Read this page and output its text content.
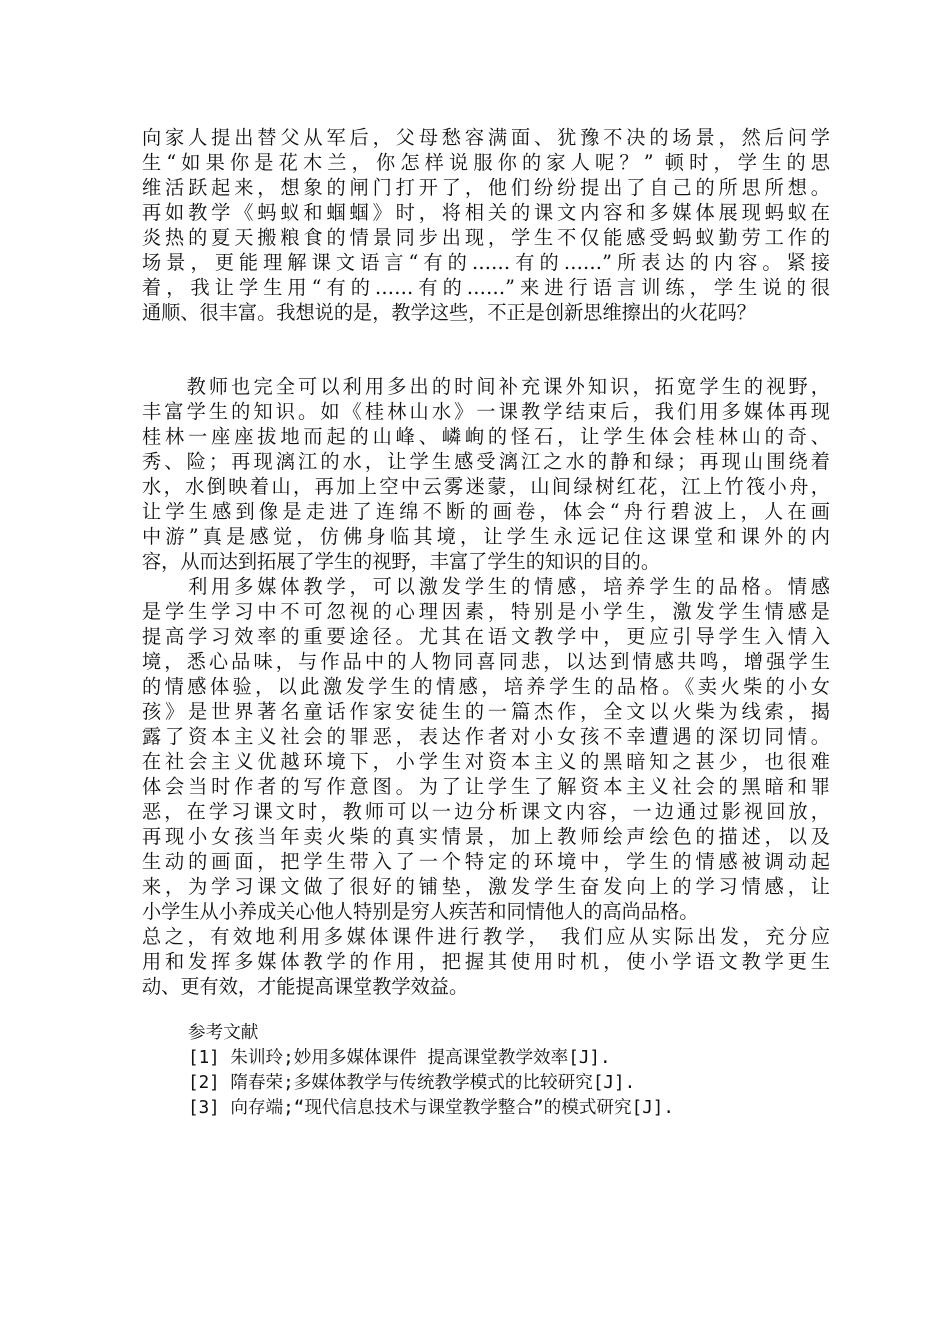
向家人提出替父从军后，父母愁容满面、犹豫不决的场景，然后问学
生“如果你是花木兰，你怎样说服你的家人呢？” 顿时，学生的思
维活跃起来，想象的闸门打开了，他们纷纷提出了自己的所思所想。
再如教学《蚂蚁和蝈蝈》时，将相关的课文内容和多媒体展现蚂蚁在
炎热的夏天搬粮食的情景同步出现，学生不仅能感受蚂蚁勤劳工作的
场景，更能理解课文语言“有的……有的……”所表达的内容。紧接
着，我让学生用“有的……有的……”来进行语言训练，学生说的很
通顺、很丰富。我想说的是，教学这些，不正是创新思维擦出的火花吗？
　　教师也完全可以利用多出的时间补充课外知识，拓宽学生的视野，
丰富学生的知识。如《桂林山水》一课教学结束后，我们用多媒体再现
桂林一座座拔地而起的山峰、嶙峋的怪石，让学生体会桂林山的奇、
秀、险；再现漓江的水，让学生感受漓江之水的静和绿；再现山围绕着
水，水倒映着山，再加上空中云雾迷蒙，山间绿树红花，江上竹筏小舟，
让学生感到像是走进了连绵不断的画卷，体会“舟行碧波上，人在画
中游”真是感觉，仿佛身临其境，让学生永远记住这课堂和课外的内
容，从而达到拓展了学生的视野，丰富了学生的知识的目的。
　　利用多媒体教学，可以激发学生的情感，培养学生的品格。情感
是学生学习中不可忽视的心理因素，特别是小学生，激发学生情感是
提高学习效率的重要途径。尤其在语文教学中，更应引导学生入情入
境，悉心品味，与作品中的人物同喜同悲，以达到情感共鸣，增强学生
的情感体验，以此激发学生的情感，培养学生的品格。《卖火柴的小女
孩》是世界著名童话作家安徒生的一篇杰作，全文以火柴为线索，揭
露了资本主义社会的罪恶，表达作者对小女孩不幸遭遇的深切同情。
在社会主义优越环境下，小学生对资本主义的黑暗知之甚少，也很难
体会当时作者的写作意图。为了让学生了解资本主义社会的黑暗和罪
恶，在学习课文时，教师可以一边分析课文内容，一边通过影视回放，
再现小女孩当年卖火柴的真实情景，加上教师绘声绘色的描述，以及
生动的画面，把学生带入了一个特定的环境中，学生的情感被调动起
来，为学习课文做了很好的铺垫，激发学生奋发向上的学习情感，让
小学生从小养成关心他人特别是穷人疾苦和同情他人的高尚品格。
总之，有效地利用多媒体课件进行教学， 我们应从实际出发，充分应
用和发挥多媒体教学的作用，把握其使用时机，使小学语文教学更生
动、更有效，才能提高课堂教学效益。
参考文献
[1] 朱训玲;妙用多媒体课件 提高课堂教学效率[J].
[2] 隋春荣;多媒体教学与传统教学模式的比较研究[J].
[3] 向存端;“现代信息技术与课堂教学整合”的模式研究[J].
